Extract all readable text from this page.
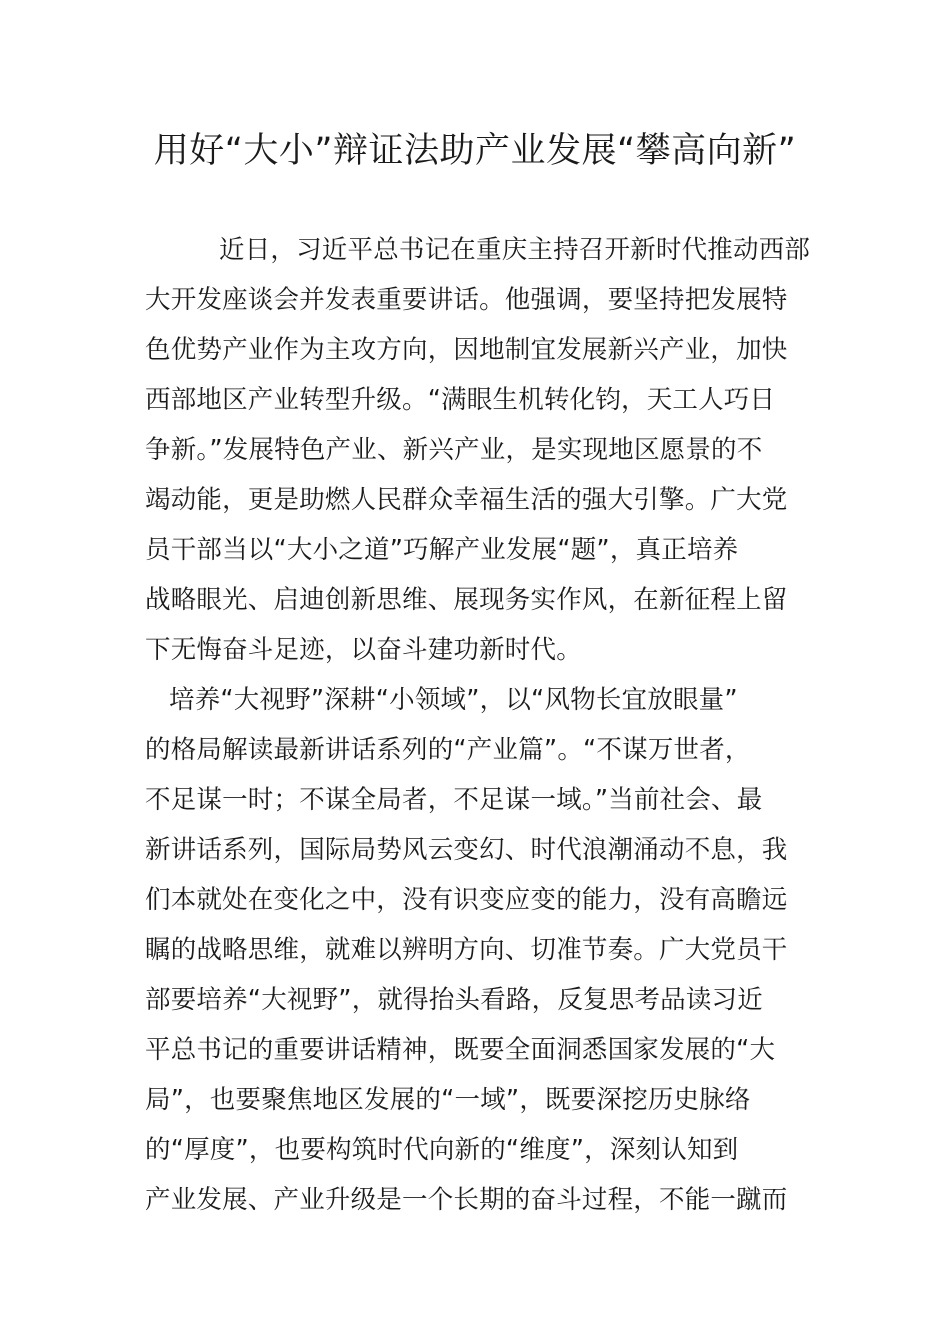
用好“大小”辩证法助产业发展“攀高向新”
近日，习近平总书记在重庆主持召开新时代推动西部
大开发座谈会并发表重要讲话。他强调，要坚持把发展特
色优势产业作为主攻方向，因地制宜发展新兴产业，加快
西部地区产业转型升级。“满眼生机转化钧，天工人巧日
争新。”发展特色产业、新兴产业，是实现地区愿景的不
竭动能，更是助燃人民群众幸福生活的强大引擎。广大党
员干部当以“大小之道”巧解产业发展“题”，真正培养
战略眼光、启迪创新思维、展现务实作风，在新征程上留
下无悔奋斗足迹，以奋斗建功新时代。
培养“大视野”深耕“小领域”，以“风物长宜放眼量”
的格局解读最新讲话系列的“产业篇”。“不谋万世者，
不足谋一时；不谋全局者，不足谋一域。”当前社会、最
新讲话系列，国际局势风云变幻、时代浪潮涌动不息，我
们本就处在变化之中，没有识变应变的能力，没有高瞻远
瞩的战略思维，就难以辨明方向、切准节奏。广大党员干
部要培养“大视野”，就得抬头看路，反复思考品读习近
平总书记的重要讲话精神，既要全面洞悉国家发展的“大
局”，也要聚焦地区发展的“一域”，既要深挖历史脉络
的“厚度”，也要构筑时代向新的“维度”，深刻认知到
产业发展、产业升级是一个长期的奋斗过程，不能一蹴而
